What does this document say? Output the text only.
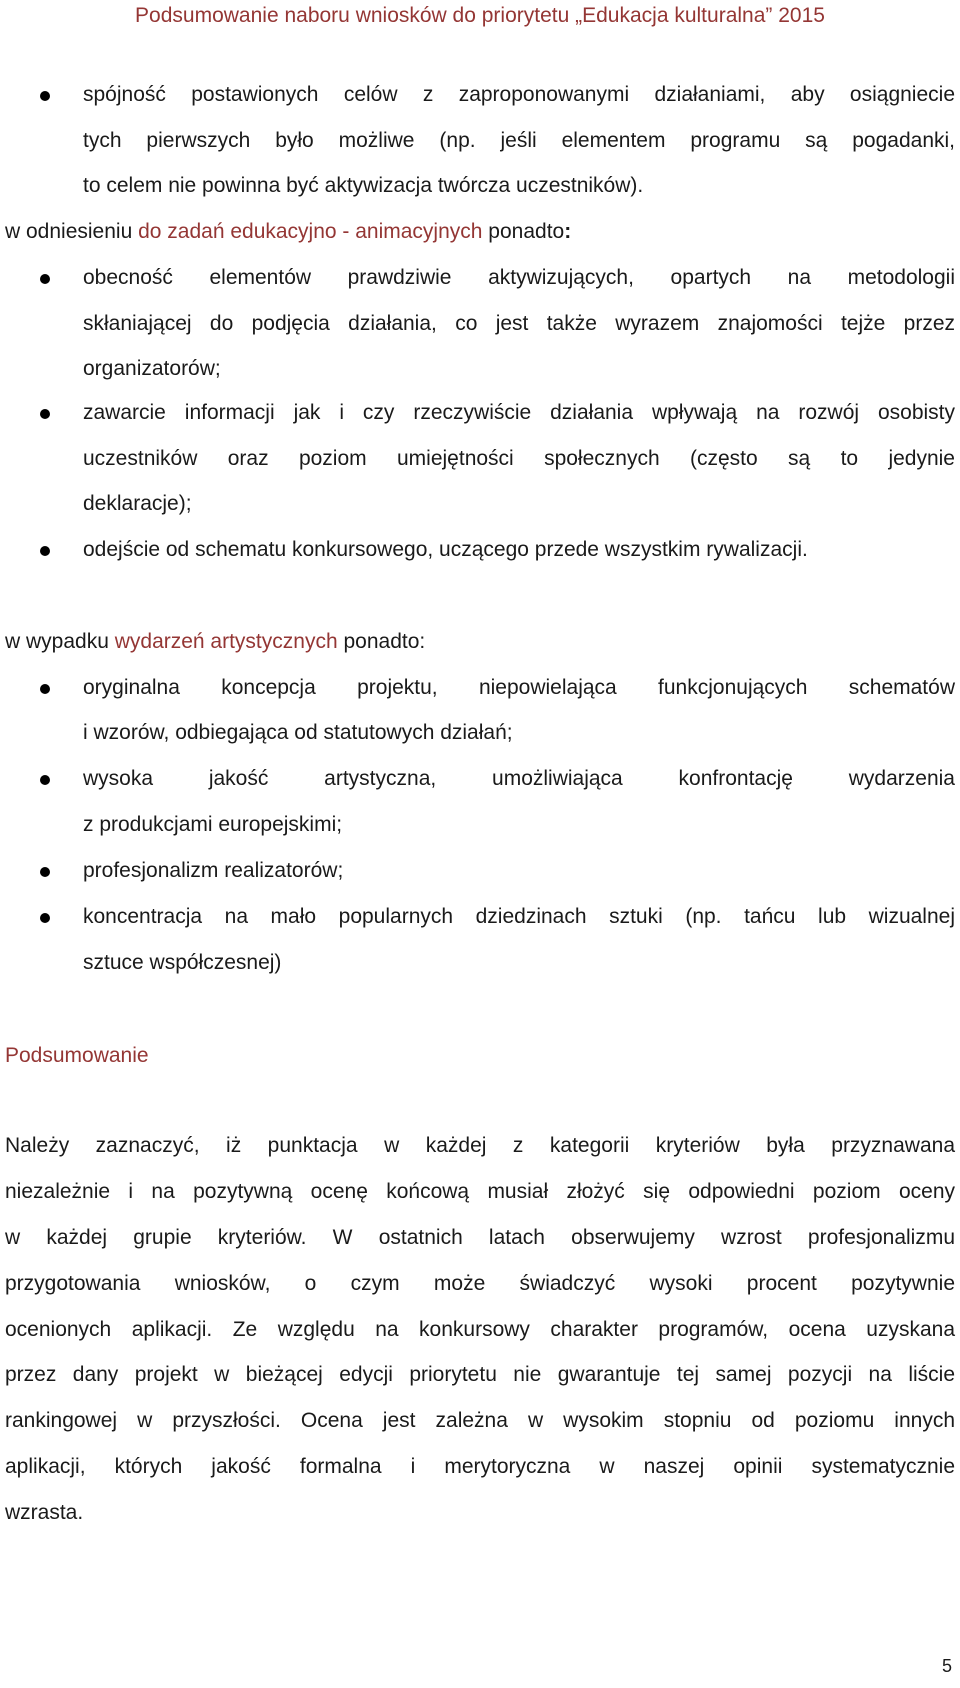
Podsumowanie naboru wniosków do priorytetu „Edukacja kulturalna” 2015
spójność postawionych celów z zaproponowanymi działaniami, aby osiągniecie
tych pierwszych było możliwe (np. jeśli elementem programu są pogadanki,
to celem nie powinna być aktywizacja twórcza uczestników).
w odniesieniu do zadań edukacyjno - animacyjnych ponadto:
obecność elementów prawdziwie aktywizujących, opartych na metodologii
skłaniającej do podjęcia działania, co jest także wyrazem znajomości tejże przez
organizatorów;
zawarcie informacji jak i czy rzeczywiście działania wpływają na rozwój osobisty
uczestników oraz poziom umiejętności społecznych (często są to jedynie
deklaracje);
odejście od schematu konkursowego, uczącego przede wszystkim rywalizacji.
w wypadku wydarzeń artystycznych ponadto:
oryginalna koncepcja projektu, niepowielająca funkcjonujących schematów
i wzorów, odbiegająca od statutowych działań;
wysoka jakość artystyczna, umożliwiająca konfrontację wydarzenia
z produkcjami europejskimi;
profesjonalizm realizatorów;
koncentracja na mało popularnych dziedzinach sztuki (np. tańcu lub wizualnej
sztuce współczesnej)
Podsumowanie
Należy zaznaczyć, iż punktacja w każdej z kategorii kryteriów była przyznawana
niezależnie i na pozytywną ocenę końcową musiał złożyć się odpowiedni poziom oceny
w każdej grupie kryteriów. W ostatnich latach obserwujemy wzrost profesjonalizmu
przygotowania wniosków, o czym może świadczyć wysoki procent pozytywnie
ocenionych aplikacji. Ze względu na konkursowy charakter programów, ocena uzyskana
przez dany projekt w bieżącej edycji priorytetu nie gwarantuje tej samej pozycji na liście
rankingowej w przyszłości. Ocena jest zależna w wysokim stopniu od poziomu innych
aplikacji, których jakość formalna i merytoryczna w naszej opinii systematycznie
wzrasta.
5
